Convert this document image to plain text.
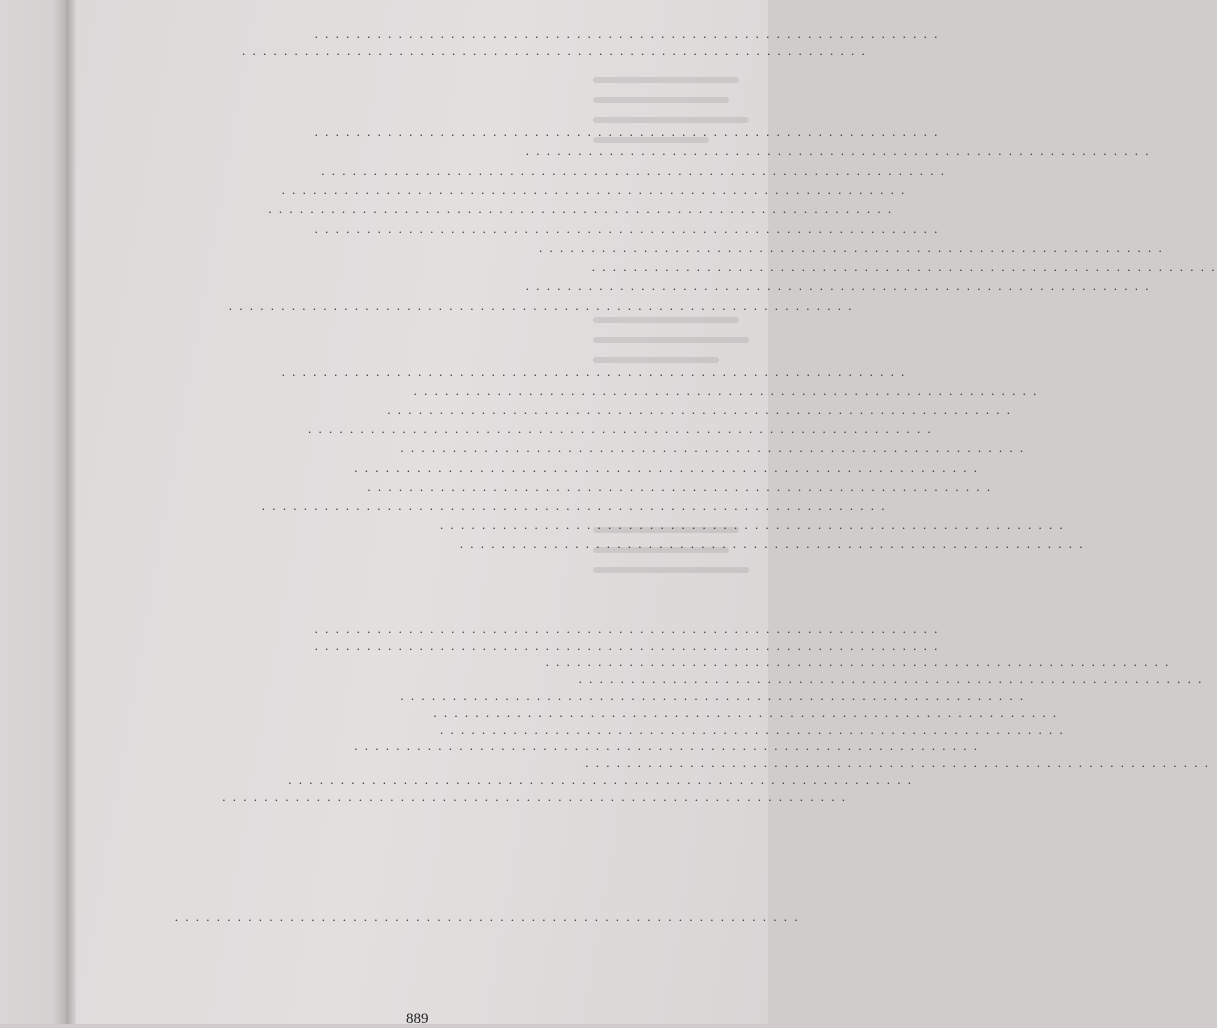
. . . . . . . . . . . . . . . . . . . . . . . . . . . . . . . . . . . . . . . . . . . . . . . . . . . . . . . . . . . .
. . . . . . . . . . . . . . . . . . . . . . . . . . . . . . . . . . . . . . . . . . . . . . . . . . . . . . . . . . . .
. . . . . . . . . . . . . . . . . . . . . . . . . . . . . . . . . . . . . . . . . . . . . . . . . . . . . . . . . . . .
. . . . . . . . . . . . . . . . . . . . . . . . . . . . . . . . . . . . . . . . . . . . . . . . . . . . . . . . . . . .
. . . . . . . . . . . . . . . . . . . . . . . . . . . . . . . . . . . . . . . . . . . . . . . . . . . . . . . . . . . .
. . . . . . . . . . . . . . . . . . . . . . . . . . . . . . . . . . . . . . . . . . . . . . . . . . . . . . . . . . . .
. . . . . . . . . . . . . . . . . . . . . . . . . . . . . . . . . . . . . . . . . . . . . . . . . . . . . . . . . . . .
. . . . . . . . . . . . . . . . . . . . . . . . . . . . . . . . . . . . . . . . . . . . . . . . . . . . . . . . . . . .
. . . . . . . . . . . . . . . . . . . . . . . . . . . . . . . . . . . . . . . . . . . . . . . . . . . . . . . . . . . .
. . . . . . . . . . . . . . . . . . . . . . . . . . . . . . . . . . . . . . . . . . . . . . . . . . . . . . . . . . . .
. . . . . . . . . . . . . . . . . . . . . . . . . . . . . . . . . . . . . . . . . . . . . . . . . . . . . . . . . . . .
. . . . . . . . . . . . . . . . . . . . . . . . . . . . . . . . . . . . . . . . . . . . . . . . . . . . . . . . . . . .
. . . . . . . . . . . . . . . . . . . . . . . . . . . . . . . . . . . . . . . . . . . . . . . . . . . . . . . . . . . .
. . . . . . . . . . . . . . . . . . . . . . . . . . . . . . . . . . . . . . . . . . . . . . . . . . . . . . . . . . . .
. . . . . . . . . . . . . . . . . . . . . . . . . . . . . . . . . . . . . . . . . . . . . . . . . . . . . . . . . . . .
. . . . . . . . . . . . . . . . . . . . . . . . . . . . . . . . . . . . . . . . . . . . . . . . . . . . . . . . . . . .
. . . . . . . . . . . . . . . . . . . . . . . . . . . . . . . . . . . . . . . . . . . . . . . . . . . . . . . . . . . .
. . . . . . . . . . . . . . . . . . . . . . . . . . . . . . . . . . . . . . . . . . . . . . . . . . . . . . . . . . . .
. . . . . . . . . . . . . . . . . . . . . . . . . . . . . . . . . . . . . . . . . . . . . . . . . . . . . . . . . . . .
. . . . . . . . . . . . . . . . . . . . . . . . . . . . . . . . . . . . . . . . . . . . . . . . . . . . . . . . . . . .
. . . . . . . . . . . . . . . . . . . . . . . . . . . . . . . . . . . . . . . . . . . . . . . . . . . . . . . . . . . .
. . . . . . . . . . . . . . . . . . . . . . . . . . . . . . . . . . . . . . . . . . . . . . . . . . . . . . . . . . . .
. . . . . . . . . . . . . . . . . . . . . . . . . . . . . . . . . . . . . . . . . . . . . . . . . . . . . . . . . . . .
. . . . . . . . . . . . . . . . . . . . . . . . . . . . . . . . . . . . . . . . . . . . . . . . . . . . . . . . . . . .
. . . . . . . . . . . . . . . . . . . . . . . . . . . . . . . . . . . . . . . . . . . . . . . . . . . . . . . . . . . .
. . . . . . . . . . . . . . . . . . . . . . . . . . . . . . . . . . . . . . . . . . . . . . . . . . . . . . . . . . . .
. . . . . . . . . . . . . . . . . . . . . . . . . . . . . . . . . . . . . . . . . . . . . . . . . . . . . . . . . . . .
. . . . . . . . . . . . . . . . . . . . . . . . . . . . . . . . . . . . . . . . . . . . . . . . . . . . . . . . . . . .
. . . . . . . . . . . . . . . . . . . . . . . . . . . . . . . . . . . . . . . . . . . . . . . . . . . . . . . . . . . .
. . . . . . . . . . . . . . . . . . . . . . . . . . . . . . . . . . . . . . . . . . . . . . . . . . . . . . . . . . . .
. . . . . . . . . . . . . . . . . . . . . . . . . . . . . . . . . . . . . . . . . . . . . . . . . . . . . . . . . . . .
. . . . . . . . . . . . . . . . . . . . . . . . . . . . . . . . . . . . . . . . . . . . . . . . . . . . . . . . . . . .
. . . . . . . . . . . . . . . . . . . . . . . . . . . . . . . . . . . . . . . . . . . . . . . . . . . . . . . . . . . .
. . . . . . . . . . . . . . . . . . . . . . . . . . . . . . . . . . . . . . . . . . . . . . . . . . . . . . . . . . . .
889
